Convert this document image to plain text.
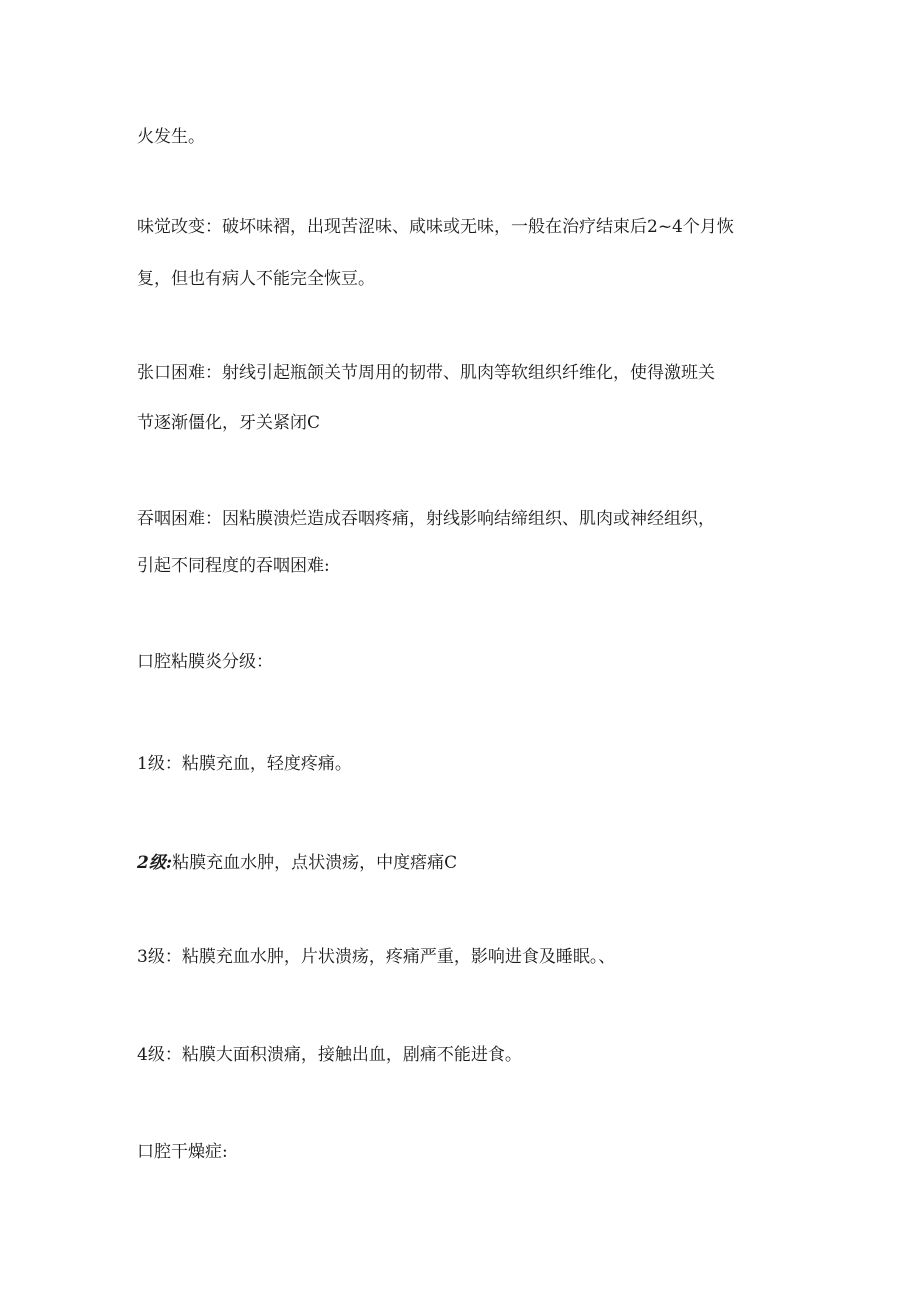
火发生。
味觉改变：破坏味褶，出现苦涩味、咸味或无味，一般在治疗结束后2~4个月恢
复，但也有病人不能完全恢豆。
张口困难：射线引起瓶颌关节周用的韧带、肌肉等软组织纤维化，使得激班关
节逐渐僵化，牙关紧闭C
吞咽困难：因粘膜溃烂造成吞咽疼痛，射线影响结缔组织、肌肉或神经组织，
引起不同程度的吞咽困难:
口腔粘膜炎分级：
1级：粘膜充血，轻度疼痛。
2级:粘膜充血水肿，点状溃疡，中度瘩痛C
3级：粘膜充血水肿，片状溃疡，疼痛严重，影响进食及睡眠。、
4级：粘膜大面积溃痛，接触出血，剧痛不能进食。
口腔干燥症:
